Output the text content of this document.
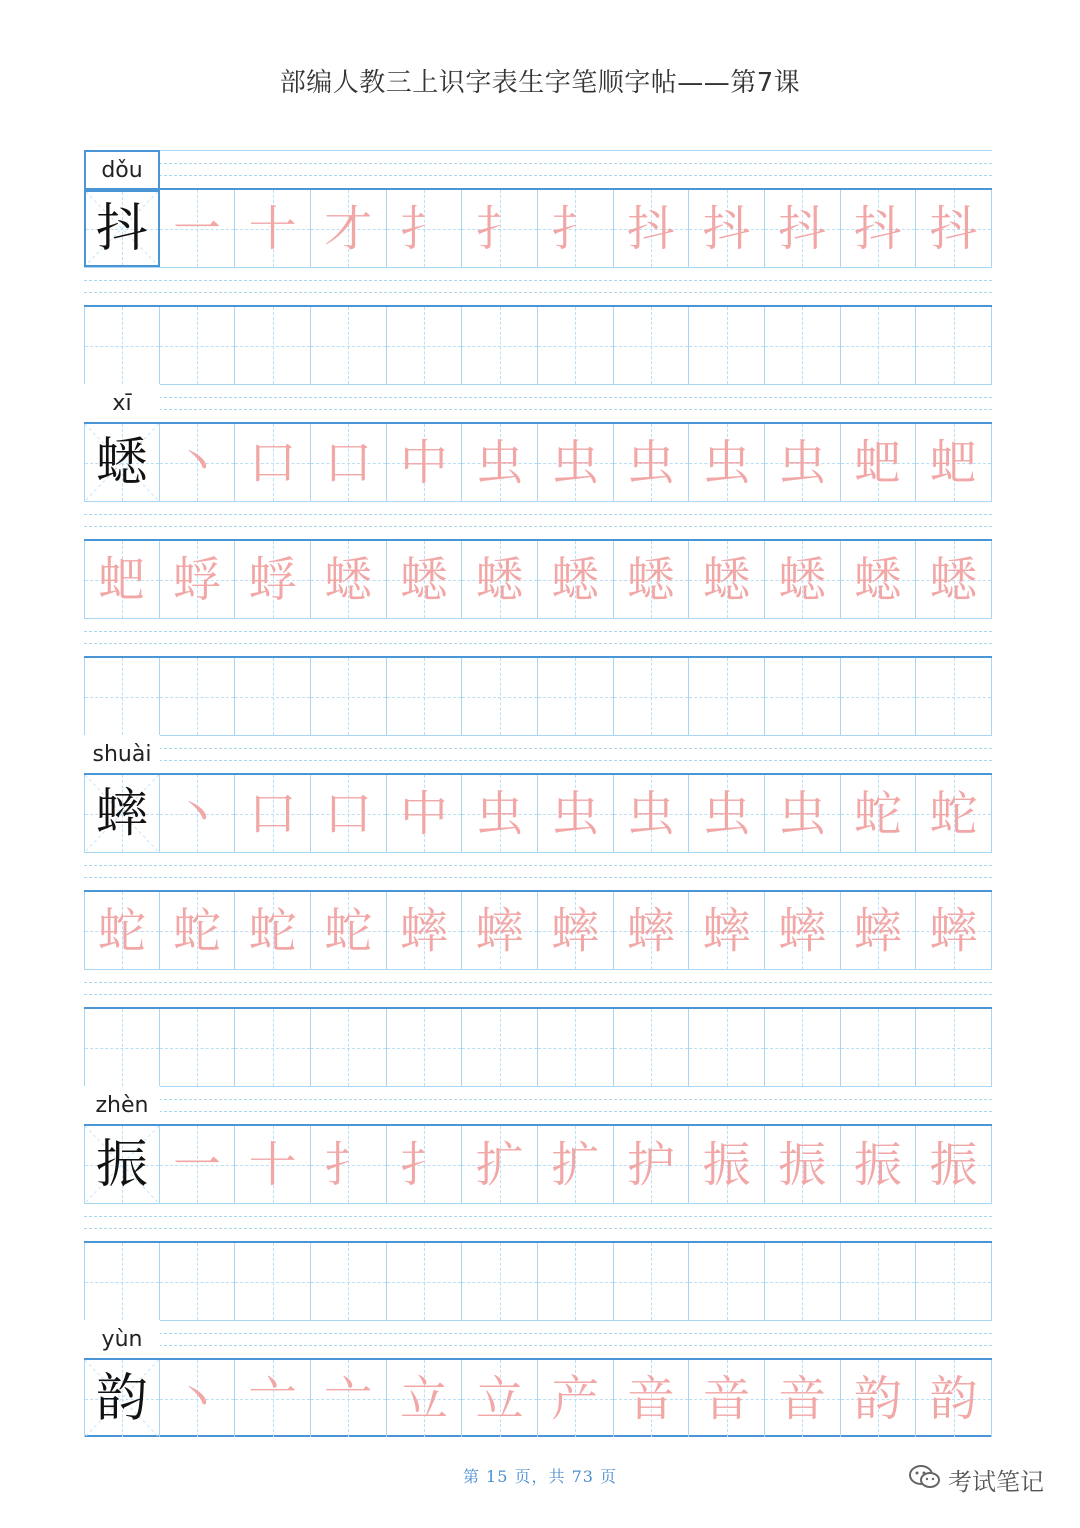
部编人教三上识字表生字笔顺字帖——第7课
dǒu
抖 一 十 才 扌 扌 扌 抖 抖 抖 抖 抖
xī
蟋 丶 口 口 中 虫 虫 虫 虫 虫 蚆 蚆
蚆 蜉 蜉 蟋 蟋 蟋 蟋 蟋 蟋 蟋 蟋 蟋
shuài
蟀 丶 口 口 中 虫 虫 虫 虫 虫 蛇 蛇
蛇 蛇 蛇 蛇 蟀 蟀 蟀 蟀 蟀 蟀 蟀 蟀
zhèn
振 一 十 扌 扌 扩 扩 护 振 振 振 振
yùn
韵 丶 亠 亠 立 立 产 音 音 音 韵 韵
第 15 页，共 73 页	考试笔记
